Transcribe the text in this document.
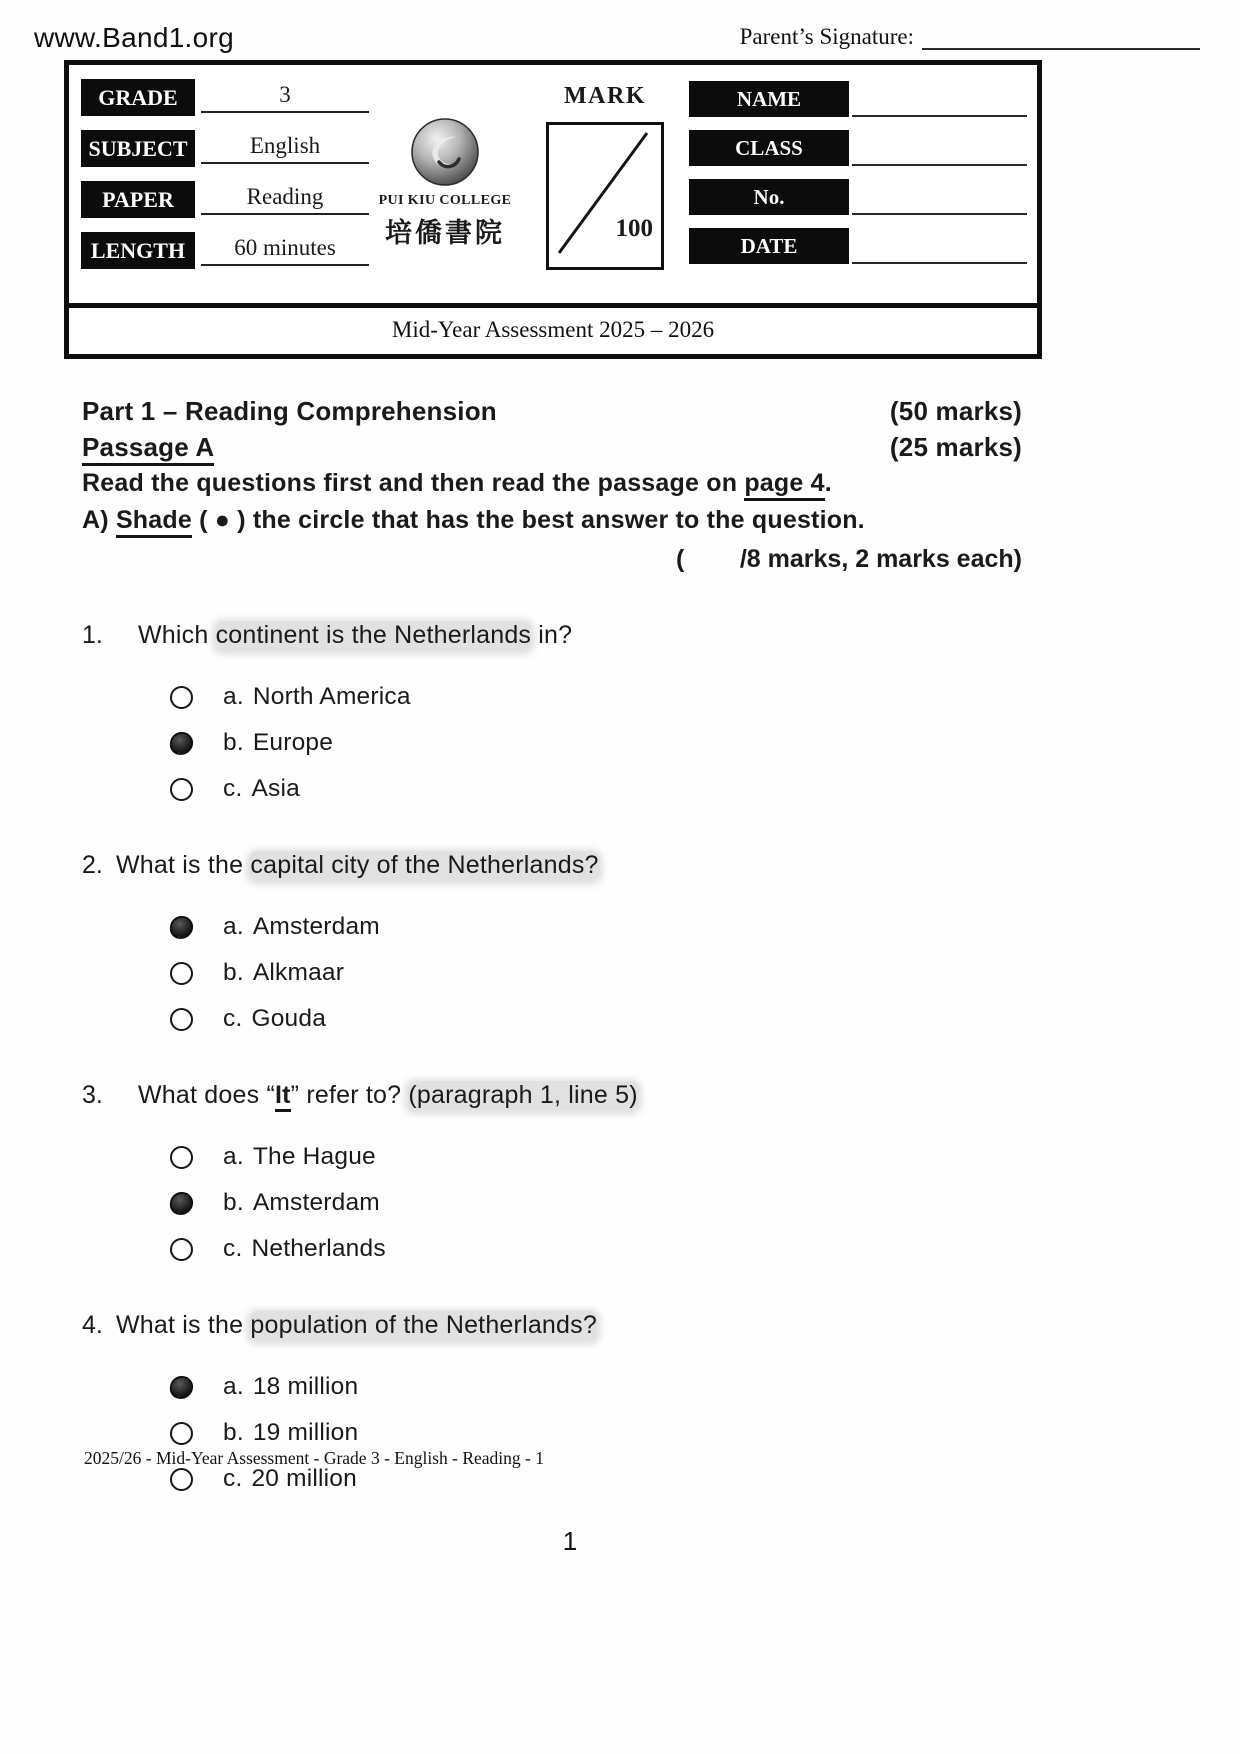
www.Band1.org	Parent’s Signature:
GRADE	3
SUBJECT	English
PAPER	Reading
LENGTH	60 minutes
PUI KIU COLLEGE
培僑書院
MARK
100
NAME
CLASS
No.
DATE
Mid-Year Assessment 2025 – 2026
Part 1 – Reading Comprehension	(50 marks)
Passage A	(25 marks)
Read the questions first and then read the passage on page 4.
A) Shade ( ● ) the circle that has the best answer to the question.
(        /8 marks, 2 marks each)
1.	Which continent is the Netherlands in?
a. North America
b. Europe
c. Asia
2. What is the capital city of the Netherlands?
a. Amsterdam
b. Alkmaar
c. Gouda
3.	What does “It” refer to? (paragraph 1, line 5)
a. The Hague
b. Amsterdam
c. Netherlands
4. What is the population of the Netherlands?
a. 18 million
b. 19 million
c. 20 million
2025/26 - Mid-Year Assessment - Grade 3 - English - Reading - 1
1
